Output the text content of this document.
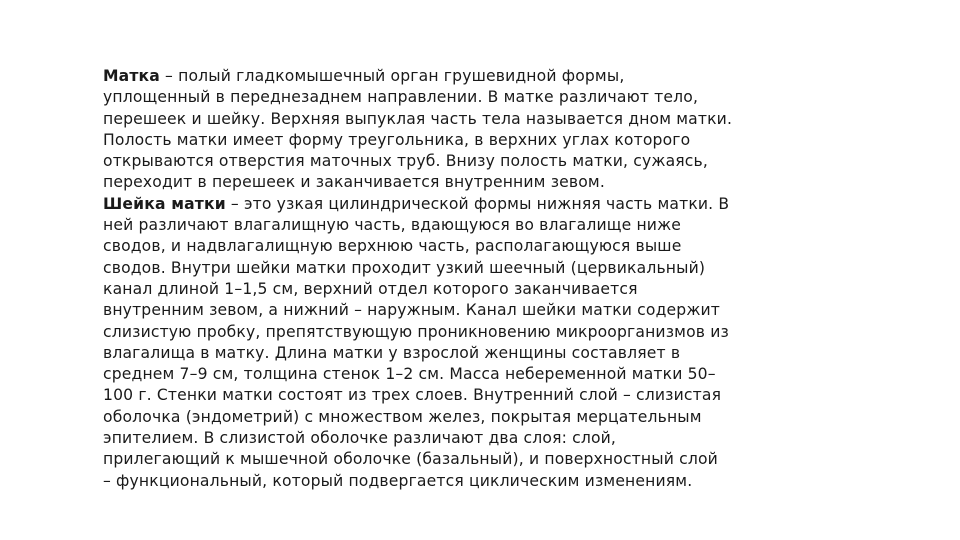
Матка – полый гладкомышечный орган грушевидной формы,
уплощенный в переднезаднем направлении. В матке различают тело,
перешеек и шейку. Верхняя выпуклая часть тела называется дном матки.
Полость матки имеет форму треугольника, в верхних углах которого
открываются отверстия маточных труб. Внизу полость матки, сужаясь,
переходит в перешеек и заканчивается внутренним зевом.
Шейка матки – это узкая цилиндрической формы нижняя часть матки. В
ней различают влагалищную часть, вдающуюся во влагалище ниже
сводов, и надвлагалищную верхнюю часть, располагающуюся выше
сводов. Внутри шейки матки проходит узкий шеечный (цервикальный)
канал длиной 1–1,5 см, верхний отдел которого заканчивается
внутренним зевом, а нижний – наружным. Канал шейки матки содержит
слизистую пробку, препятствующую проникновению микроорганизмов из
влагалища в матку. Длина матки у взрослой женщины составляет в
среднем 7–9 см, толщина стенок 1–2 см. Масса небеременной матки 50–
100 г. Стенки матки состоят из трех слоев. Внутренний слой – слизистая
оболочка (эндометрий) с множеством желез, покрытая мерцательным
эпителием. В слизистой оболочке различают два слоя: слой,
прилегающий к мышечной оболочке (базальный), и поверхностный слой
– функциональный, который подвергается циклическим изменениям.
